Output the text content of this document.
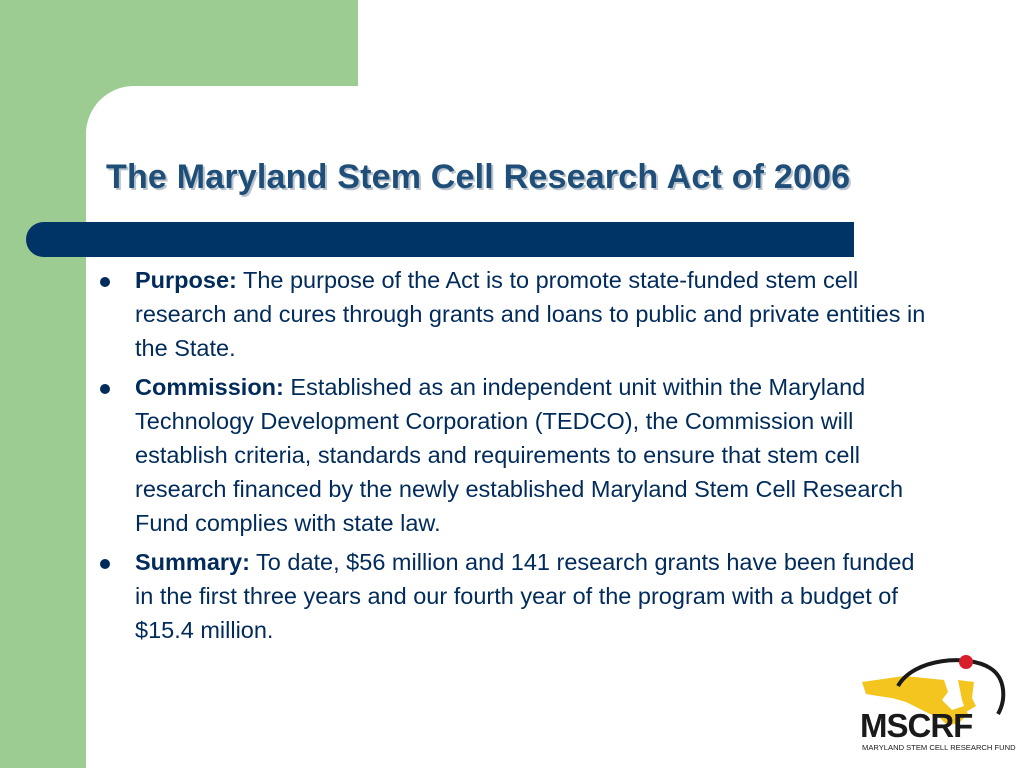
The Maryland Stem Cell Research Act of 2006
Purpose: The purpose of the Act is to promote state-funded stem cell research and cures through grants and loans to public and private entities in the State.
Commission: Established as an independent unit within the Maryland Technology Development Corporation (TEDCO), the Commission will establish criteria, standards and requirements to ensure that stem cell research financed by the newly established Maryland Stem Cell Research Fund complies with state law.
Summary: To date, $56 million and 141 research grants have been funded in the first three years and our fourth year of the program with a budget of $15.4 million.
MSCRF
MARYLAND STEM CELL RESEARCH FUND
